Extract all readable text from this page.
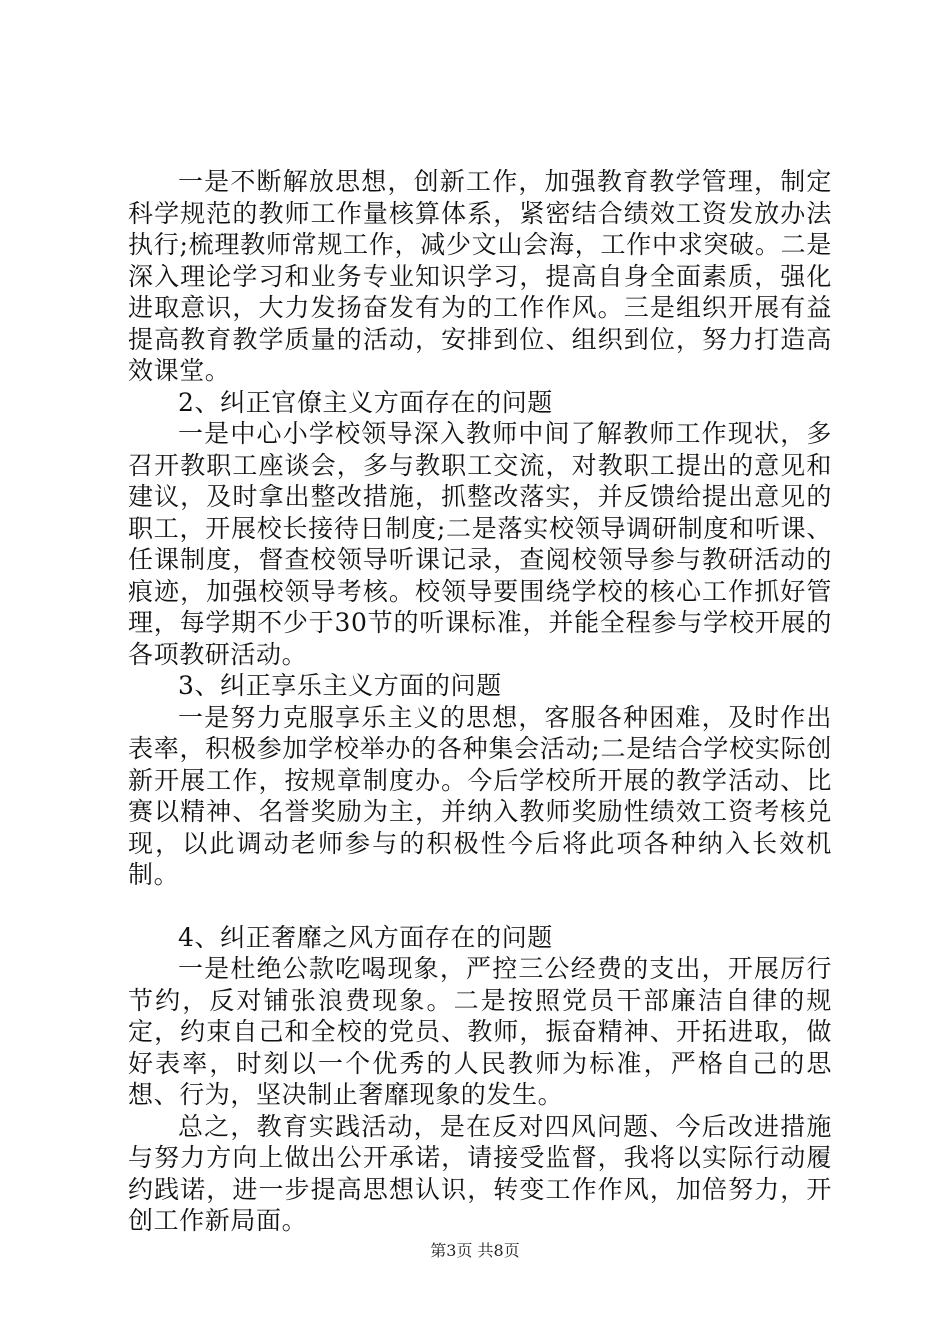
一是不断解放思想，创新工作，加强教育教学管理，制定科学规范的教师工作量核算体系，紧密结合绩效工资发放办法执行;梳理教师常规工作，减少文山会海，工作中求突破。二是深入理论学习和业务专业知识学习，提高自身全面素质，强化进取意识，大力发扬奋发有为的工作作风。三是组织开展有益提高教育教学质量的活动，安排到位、组织到位，努力打造高效课堂。

2、纠正官僚主义方面存在的问题

一是中心小学校领导深入教师中间了解教师工作现状，多召开教职工座谈会，多与教职工交流，对教职工提出的意见和建议，及时拿出整改措施，抓整改落实，并反馈给提出意见的职工，开展校长接待日制度;二是落实校领导调研制度和听课、任课制度，督查校领导听课记录，查阅校领导参与教研活动的痕迹，加强校领导考核。校领导要围绕学校的核心工作抓好管理，每学期不少于30节的听课标准，并能全程参与学校开展的各项教研活动。

3、纠正享乐主义方面的问题

一是努力克服享乐主义的思想，客服各种困难，及时作出表率，积极参加学校举办的各种集会活动;二是结合学校实际创新开展工作，按规章制度办。今后学校所开展的教学活动、比赛以精神、名誉奖励为主，并纳入教师奖励性绩效工资考核兑现，以此调动老师参与的积极性今后将此项各种纳入长效机制。

4、纠正奢靡之风方面存在的问题

一是杜绝公款吃喝现象，严控三公经费的支出，开展厉行节约，反对铺张浪费现象。二是按照党员干部廉洁自律的规定，约束自己和全校的党员、教师，振奋精神、开拓进取，做好表率，时刻以一个优秀的人民教师为标准，严格自己的思想、行为，坚决制止奢靡现象的发生。

总之，教育实践活动，是在反对四风问题、今后改进措施与努力方向上做出公开承诺，请接受监督，我将以实际行动履约践诺，进一步提高思想认识，转变工作作风，加倍努力，开创工作新局面。

第3页 共8页
